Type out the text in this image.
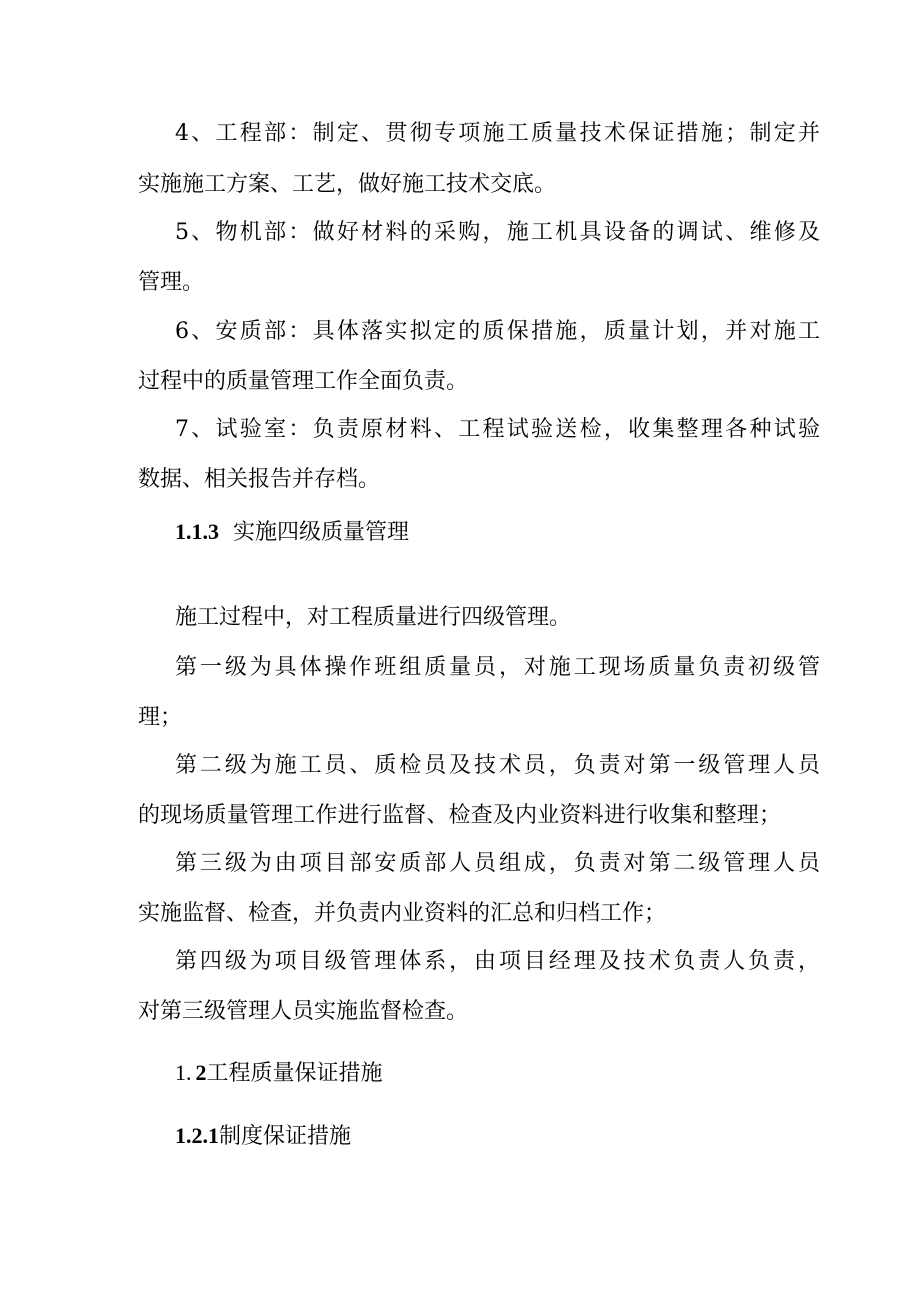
4、工程部：制定、贯彻专项施工质量技术保证措施；制定并
实施施工方案、工艺，做好施工技术交底。
5、物机部：做好材料的采购，施工机具设备的调试、维修及
管理。
6、安质部：具体落实拟定的质保措施，质量计划，并对施工
过程中的质量管理工作全面负责。
7、试验室：负责原材料、工程试验送检，收集整理各种试验
数据、相关报告并存档。
1.1.3 实施四级质量管理
施工过程中，对工程质量进行四级管理。
第一级为具体操作班组质量员，对施工现场质量负责初级管
理；
第二级为施工员、质检员及技术员，负责对第一级管理人员
的现场质量管理工作进行监督、检查及内业资料进行收集和整理；
第三级为由项目部安质部人员组成，负责对第二级管理人员
实施监督、检查，并负责内业资料的汇总和归档工作；
第四级为项目级管理体系，由项目经理及技术负责人负责，
对第三级管理人员实施监督检查。
1. 2工程质量保证措施
1.2.1制度保证措施
